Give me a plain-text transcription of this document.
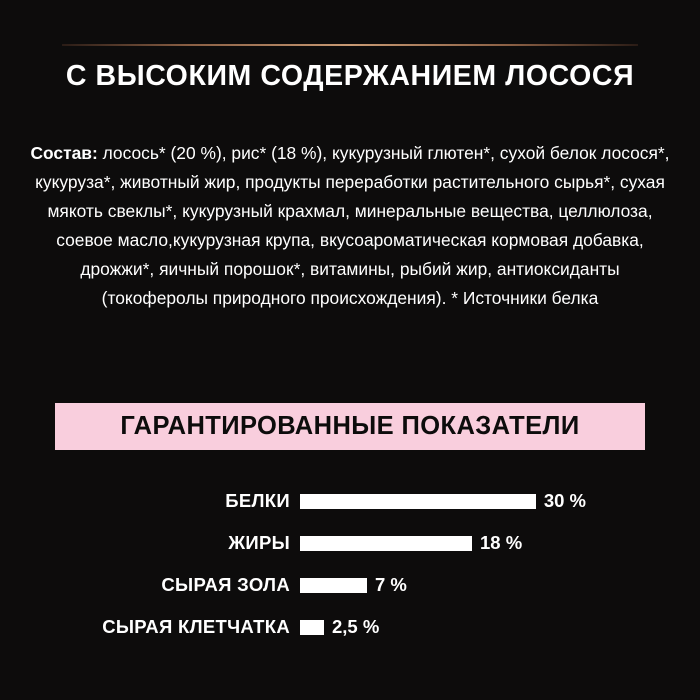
С ВЫСОКИМ СОДЕРЖАНИЕМ ЛОСОСЯ
Состав: лосось* (20 %), рис* (18 %), кукурузный глютен*, сухой белок лосося*, кукуруза*, животный жир, продукты переработки растительного сырья*, сухая мякоть свеклы*, кукурузный крахмал, минеральные вещества, целлюлоза, соевое масло,кукурузная крупа, вкусоароматическая кормовая добавка, дрожжи*, яичный порошок*, витамины, рыбий жир, антиоксиданты (токоферолы природного происхождения). * Источники белка
ГАРАНТИРОВАННЫЕ ПОКАЗАТЕЛИ
БЕЛКИ	30 %
ЖИРЫ	18 %
СЫРАЯ ЗОЛА	7 %
СЫРАЯ КЛЕТЧАТКА	2,5 %
